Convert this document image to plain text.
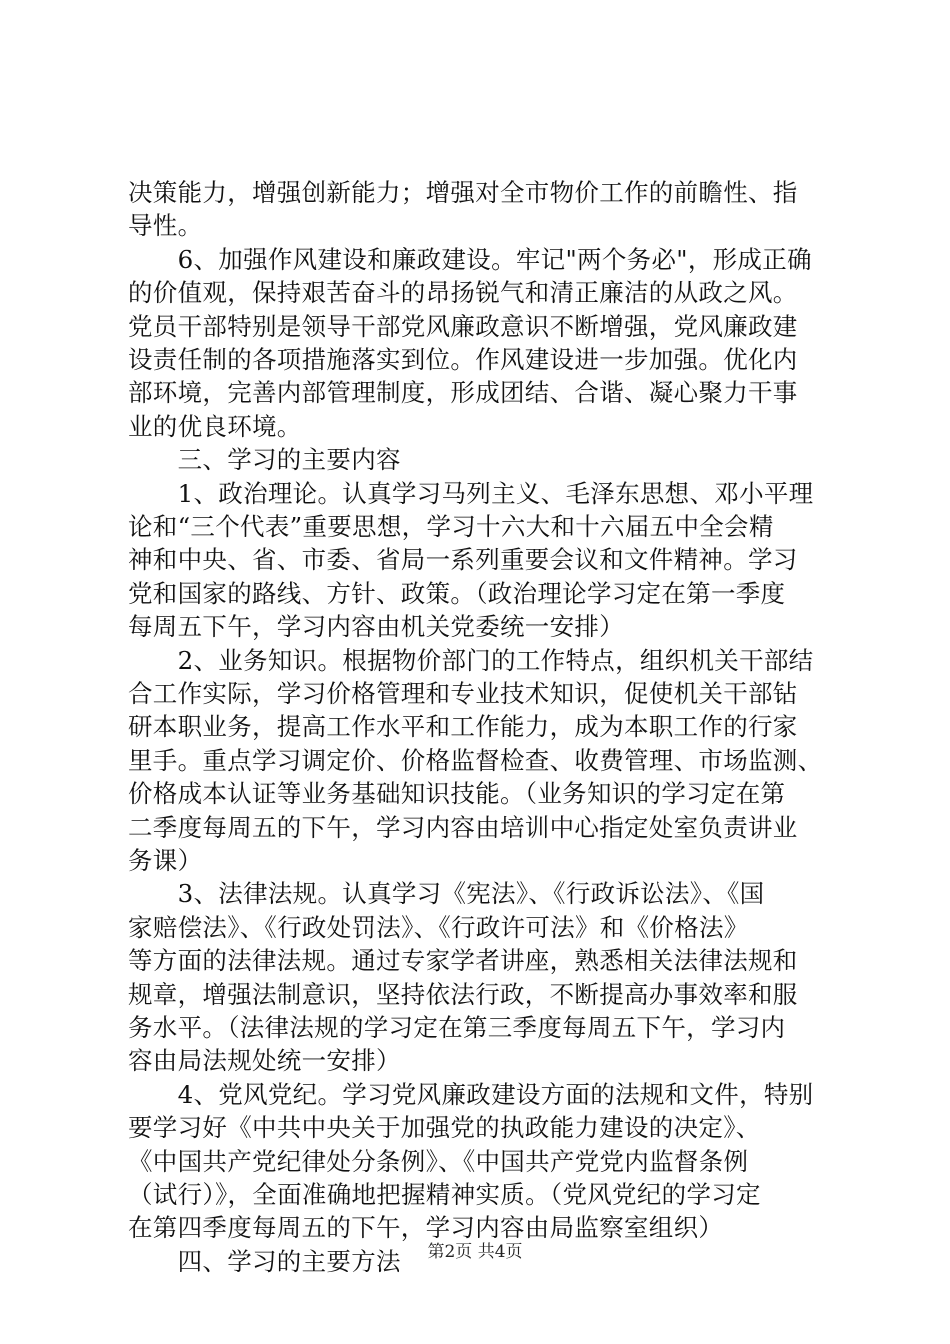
决策能力，增强创新能力；增强对全市物价工作的前瞻性、指
导性。
　　6、加强作风建设和廉政建设。牢记"两个务必"，形成正确
的价值观，保持艰苦奋斗的昂扬锐气和清正廉洁的从政之风。
党员干部特别是领导干部党风廉政意识不断增强，党风廉政建
设责任制的各项措施落实到位。作风建设进一步加强。优化内
部环境，完善内部管理制度，形成团结、合谐、凝心聚力干事
业的优良环境。
　　三、学习的主要内容
　　1、政治理论。认真学习马列主义、毛泽东思想、邓小平理
论和“三个代表”重要思想，学习十六大和十六届五中全会精
神和中央、省、市委、省局一系列重要会议和文件精神。学习
党和国家的路线、方针、政策。（政治理论学习定在第一季度
每周五下午，学习内容由机关党委统一安排）
　　2、业务知识。根据物价部门的工作特点，组织机关干部结
合工作实际，学习价格管理和专业技术知识，促使机关干部钻
研本职业务，提高工作水平和工作能力，成为本职工作的行家
里手。重点学习调定价、价格监督检查、收费管理、市场监测、
价格成本认证等业务基础知识技能。（业务知识的学习定在第
二季度每周五的下午，学习内容由培训中心指定处室负责讲业
务课）
　　3、法律法规。认真学习《宪法》、《行政诉讼法》、《国
家赔偿法》、《行政处罚法》、《行政许可法》和《价格法》
等方面的法律法规。通过专家学者讲座，熟悉相关法律法规和
规章，增强法制意识，坚持依法行政，不断提高办事效率和服
务水平。（法律法规的学习定在第三季度每周五下午，学习内
容由局法规处统一安排）
　　4、党风党纪。学习党风廉政建设方面的法规和文件，特别
要学习好《中共中央关于加强党的执政能力建设的决定》、
《中国共产党纪律处分条例》、《中国共产党党内监督条例
（试行）》，全面准确地把握精神实质。（党风党纪的学习定
在第四季度每周五的下午，学习内容由局监察室组织）
　　四、学习的主要方法	第2页 共4页
